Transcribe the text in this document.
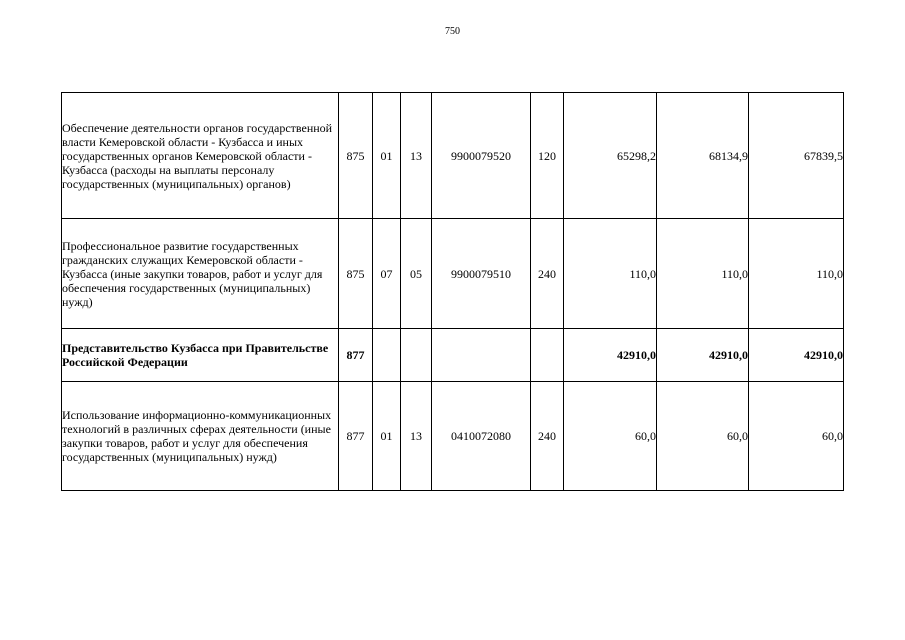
750
Обеспечение деятельности органов государственной власти Кемеровской области - Кузбасса и иных государственных органов Кемеровской области - Кузбасса (расходы на выплаты персоналу государственных (муниципальных) органов)	875	01	13	9900079520	120	65298,2	68134,9	67839,5
Профессиональное развитие государственных гражданских служащих Кемеровской области - Кузбасса (иные закупки товаров, работ и услуг для обеспечения государственных (муниципальных) нужд)	875	07	05	9900079510	240	110,0	110,0	110,0
Представительство Кузбасса при Правительстве Российской Федерации	877					42910,0	42910,0	42910,0
Использование информационно-коммуникационных технологий в различных сферах деятельности (иные закупки товаров, работ и услуг для обеспечения государственных (муниципальных) нужд)	877	01	13	0410072080	240	60,0	60,0	60,0
